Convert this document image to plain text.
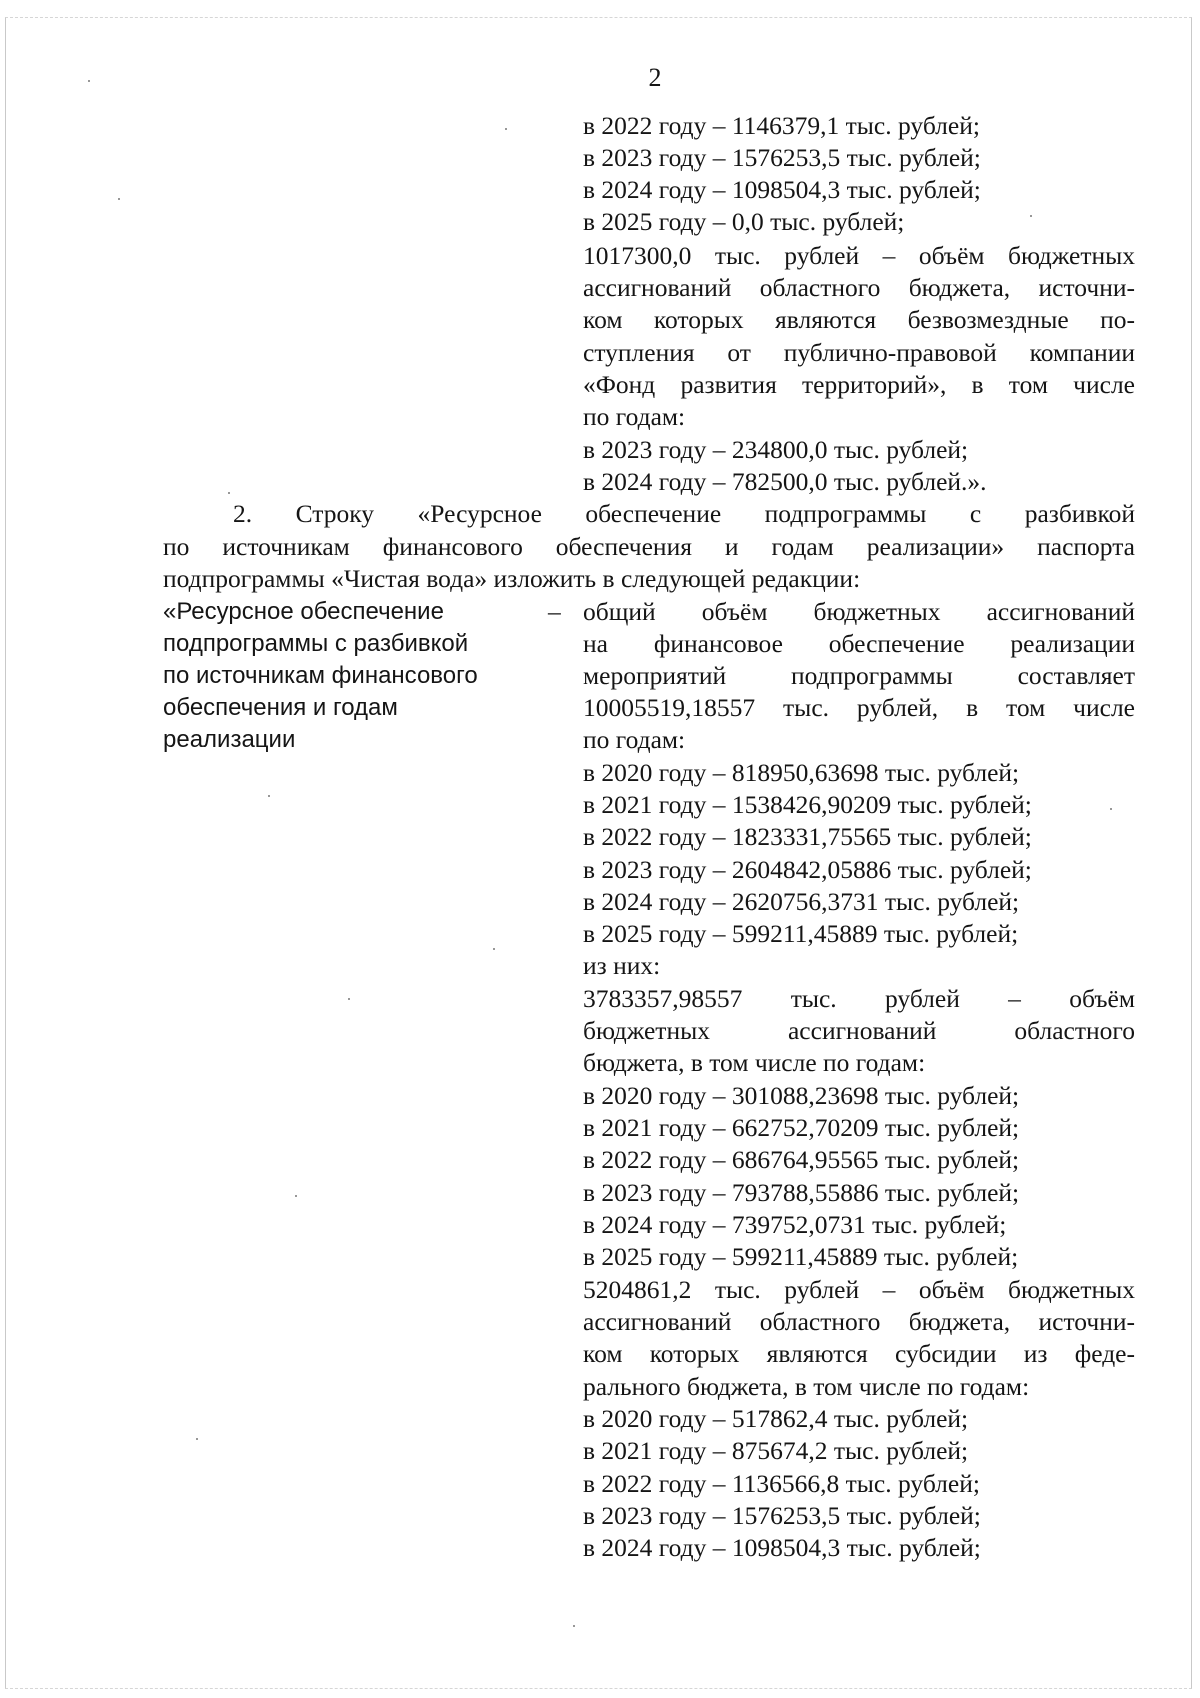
2
в 2022 году – 1146379,1 тыс. рублей;
в 2023 году – 1576253,5 тыс. рублей;
в 2024 году – 1098504,3 тыс. рублей;
в 2025 году – 0,0 тыс. рублей;
1017300,0 тыс. рублей – объём бюджетных
ассигнований областного бюджета, источни-
ком которых являются безвозмездные по-
ступления от публично-правовой компании
«Фонд развития территорий», в том числе
по годам:
в 2023 году – 234800,0 тыс. рублей;
в 2024 году – 782500,0 тыс. рублей.».
2. Строку «Ресурсное обеспечение подпрограммы с разбивкой
по источникам финансового обеспечения и годам реализации» паспорта
подпрограммы «Чистая вода» изложить в следующей редакции:
«Ресурсное обеспечение
подпрограммы с разбивкой
по источникам финансового
обеспечения и годам
реализации
– общий объём бюджетных ассигнований
на финансовое обеспечение реализации
мероприятий подпрограммы составляет
10005519,18557 тыс. рублей, в том числе
по годам:
в 2020 году – 818950,63698 тыс. рублей;
в 2021 году – 1538426,90209 тыс. рублей;
в 2022 году – 1823331,75565 тыс. рублей;
в 2023 году – 2604842,05886 тыс. рублей;
в 2024 году – 2620756,3731 тыс. рублей;
в 2025 году – 599211,45889 тыс. рублей;
из них:
3783357,98557 тыс. рублей – объём
бюджетных ассигнований областного
бюджета, в том числе по годам:
в 2020 году – 301088,23698 тыс. рублей;
в 2021 году – 662752,70209 тыс. рублей;
в 2022 году – 686764,95565 тыс. рублей;
в 2023 году – 793788,55886 тыс. рублей;
в 2024 году – 739752,0731 тыс. рублей;
в 2025 году – 599211,45889 тыс. рублей;
5204861,2 тыс. рублей – объём бюджетных
ассигнований областного бюджета, источни-
ком которых являются субсидии из феде-
рального бюджета, в том числе по годам:
в 2020 году – 517862,4 тыс. рублей;
в 2021 году – 875674,2 тыс. рублей;
в 2022 году – 1136566,8 тыс. рублей;
в 2023 году – 1576253,5 тыс. рублей;
в 2024 году – 1098504,3 тыс. рублей;
